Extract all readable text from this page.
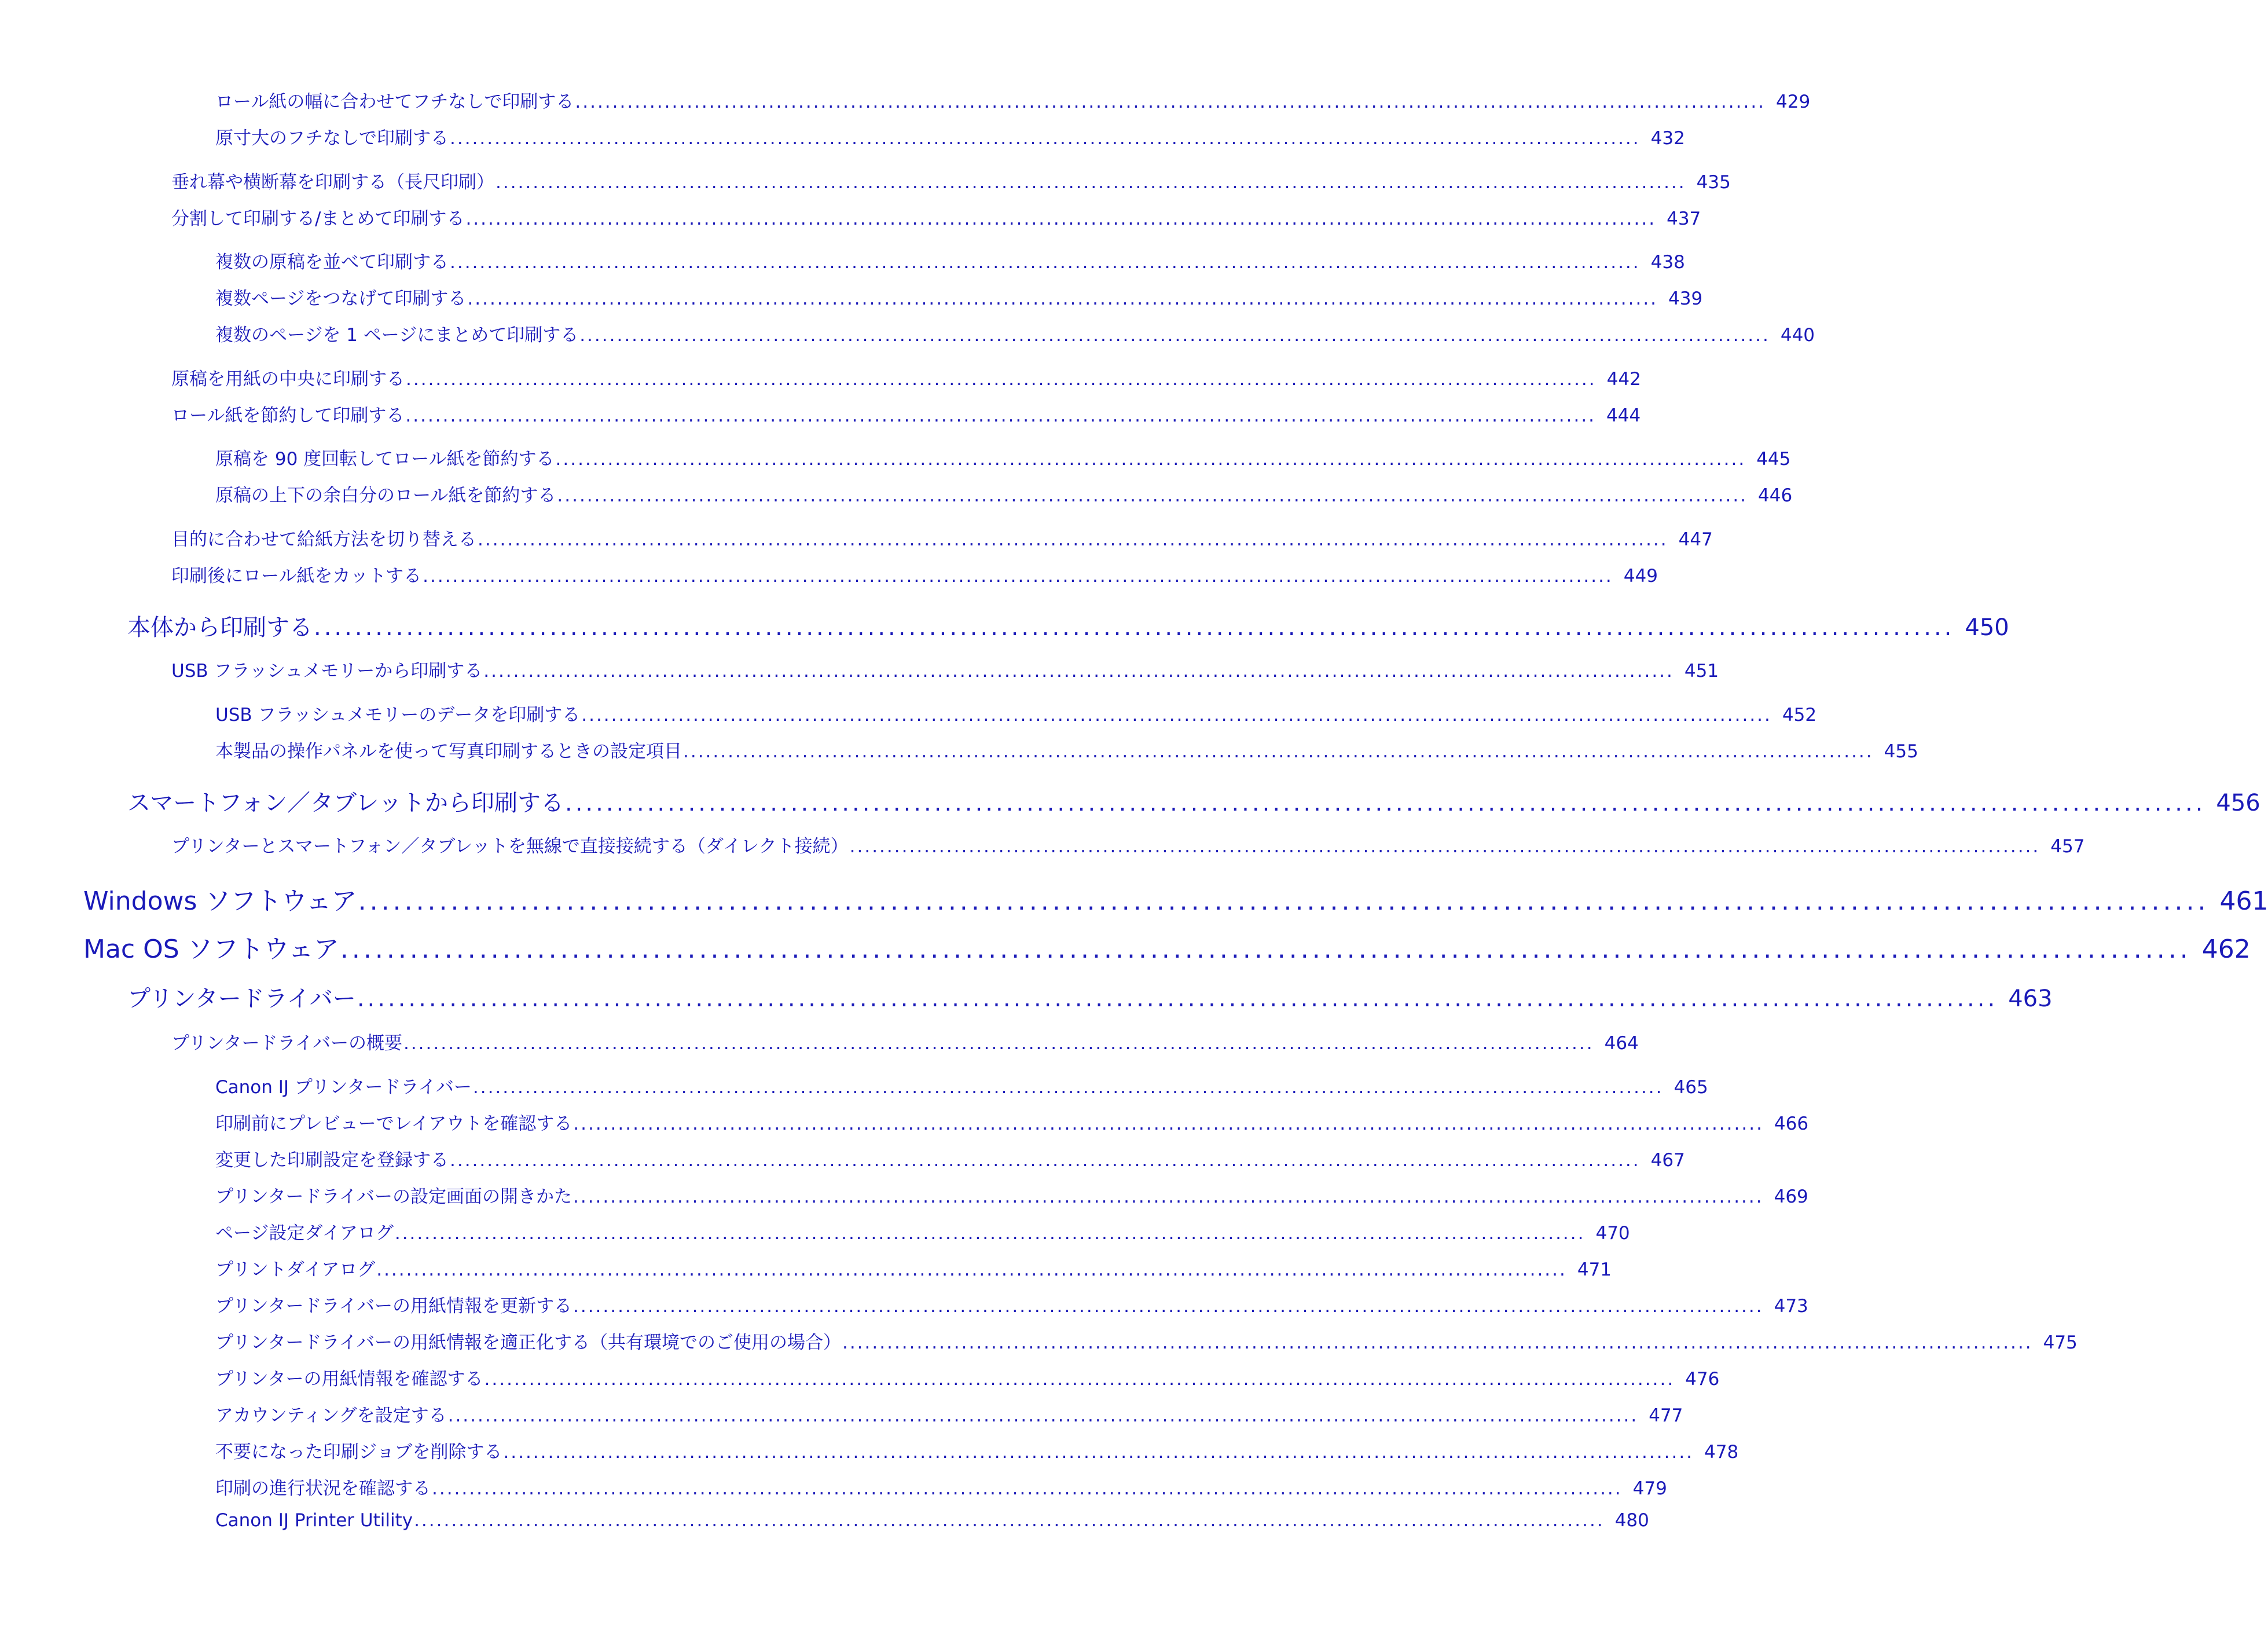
ロール紙の幅に合わせてフチなしで印刷する ................................................................................................................................................................ 429
原寸大のフチなしで印刷する ................................................................................................................................................................ 432
垂れ幕や横断幕を印刷する（長尺印刷） ................................................................................................................................................................ 435
分割して印刷する/まとめて印刷する ................................................................................................................................................................ 437
複数の原稿を並べて印刷する ................................................................................................................................................................ 438
複数ページをつなげて印刷する ................................................................................................................................................................ 439
複数のページを 1 ページにまとめて印刷する ................................................................................................................................................................ 440
原稿を用紙の中央に印刷する ................................................................................................................................................................ 442
ロール紙を節約して印刷する ................................................................................................................................................................ 444
原稿を 90 度回転してロール紙を節約する ................................................................................................................................................................ 445
原稿の上下の余白分のロール紙を節約する ................................................................................................................................................................ 446
目的に合わせて給紙方法を切り替える ................................................................................................................................................................ 447
印刷後にロール紙をカットする ................................................................................................................................................................ 449
本体から印刷する ................................................................................................................................................................ 450
USB フラッシュメモリーから印刷する ................................................................................................................................................................ 451
USB フラッシュメモリーのデータを印刷する ................................................................................................................................................................ 452
本製品の操作パネルを使って写真印刷するときの設定項目 ................................................................................................................................................................ 455
スマートフォン／タブレットから印刷する ................................................................................................................................................................ 456
プリンターとスマートフォン／タブレットを無線で直接接続する（ダイレクト接続） ................................................................................................................................................................ 457
Windows ソフトウェア ................................................................................................................................................................ 461
Mac OS ソフトウェア ................................................................................................................................................................ 462
プリンタードライバー ................................................................................................................................................................ 463
プリンタードライバーの概要 ................................................................................................................................................................ 464
Canon IJ プリンタードライバー ................................................................................................................................................................ 465
印刷前にプレビューでレイアウトを確認する ................................................................................................................................................................ 466
変更した印刷設定を登録する ................................................................................................................................................................ 467
プリンタードライバーの設定画面の開きかた ................................................................................................................................................................ 469
ページ設定ダイアログ ................................................................................................................................................................ 470
プリントダイアログ ................................................................................................................................................................ 471
プリンタードライバーの用紙情報を更新する ................................................................................................................................................................ 473
プリンタードライバーの用紙情報を適正化する（共有環境でのご使用の場合） ................................................................................................................................................................ 475
プリンターの用紙情報を確認する ................................................................................................................................................................ 476
アカウンティングを設定する ................................................................................................................................................................ 477
不要になった印刷ジョブを削除する ................................................................................................................................................................ 478
印刷の進行状況を確認する ................................................................................................................................................................ 479
Canon IJ Printer Utility ................................................................................................................................................................ 480
